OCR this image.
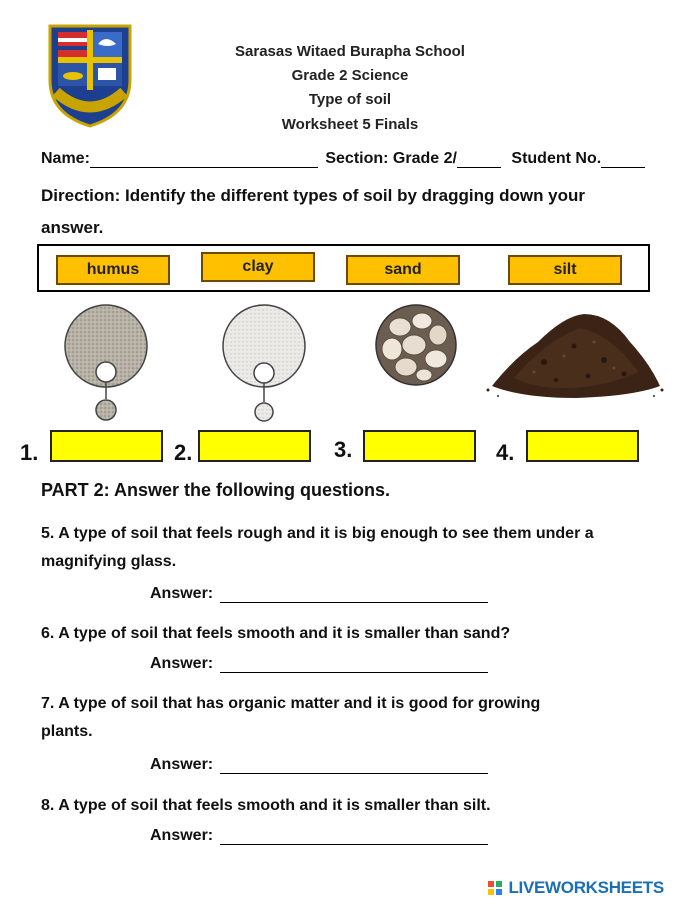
Sarasas Witaed Burapha School
Grade 2 Science
Type of soil
Worksheet 5 Finals
Name:	Section: Grade 2/	Student No.
Direction: Identify the different types of soil by dragging down your
answer.
humus	clay	sand	silt
1.	2.	3.	4.
PART 2: Answer the following questions.
5. A type of soil that feels rough and it is big enough to see them under a
magnifying glass.
Answer:
6. A type of soil that feels smooth and it is smaller than sand?
Answer:
7. A type of soil that has organic matter and it is good for growing
plants.
Answer:
8. A type of soil that feels smooth and it is smaller than silt.
Answer:
LIVEWORKSHEETS
